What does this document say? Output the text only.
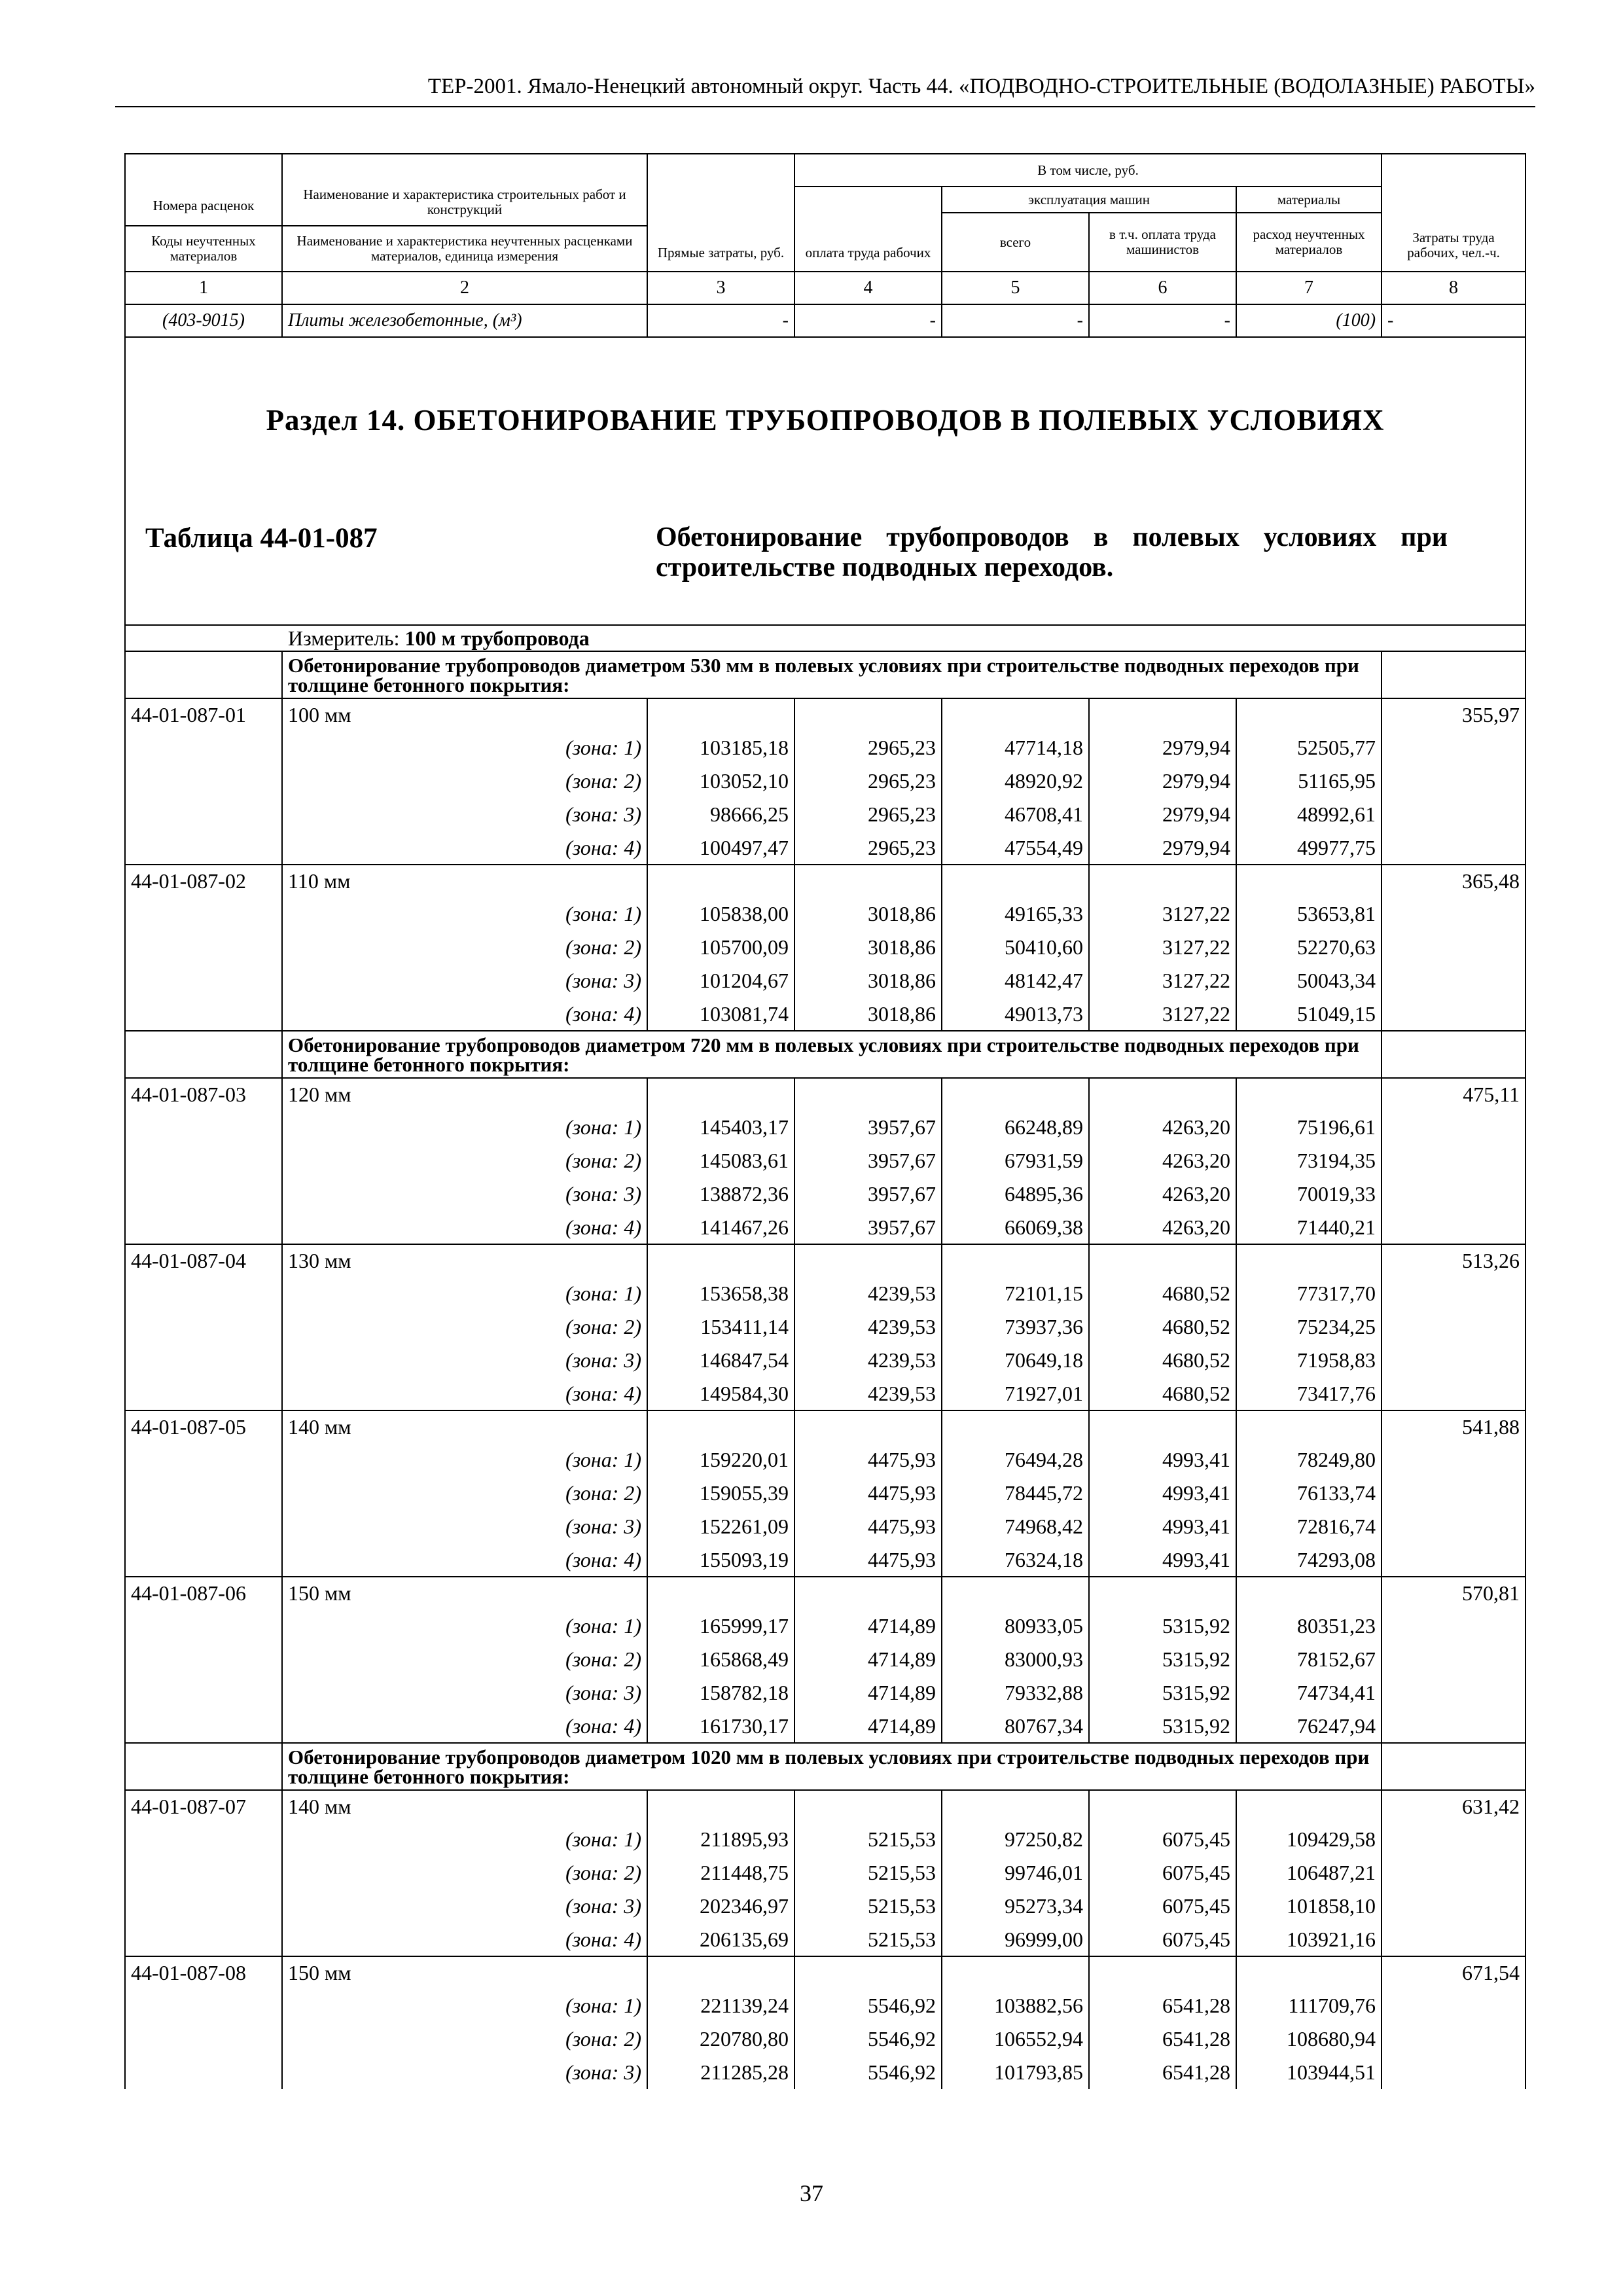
ТЕР-2001. Ямало-Ненецкий автономный округ. Часть 44. «ПОДВОДНО-СТРОИТЕЛЬНЫЕ (ВОДОЛАЗНЫЕ) РАБОТЫ»
Номера расценок	Наименование и характеристика строительных работ и конструкций	Прямые затраты, руб.	В том числе, руб.				Затраты труда рабочих, чел.-ч.
			оплата труда рабочих	эксплуатация машин		материалы	
				всего	в т.ч. оплата труда машинистов	расход неучтенных материалов	
Коды неучтенных материалов	Наименование и характеристика неучтенных расценками материалов, единица измерения						
1	2	3	4	5	6	7	8
(403-9015)	Плиты железобетонные, (м³)	-	-	-	-	(100)	-

Раздел 14. ОБЕТОНИРОВАНИЕ ТРУБОПРОВОДОВ В ПОЛЕВЫХ УСЛОВИЯХ
Таблица 44-01-087 Обетонирование трубопроводов в полевых условиях при строительстве подводных переходов.							

Измеритель: 100 м трубопровода							
	Обетонирование трубопроводов диаметром 530 мм в полевых условиях при строительстве подводных переходов при толщине бетонного покрытия:						
44-01-087-01	100 мм						355,97
	(зона: 1)	103185,18	2965,23	47714,18	2979,94	52505,77	
	(зона: 2)	103052,10	2965,23	48920,92	2979,94	51165,95	
	(зона: 3)	98666,25	2965,23	46708,41	2979,94	48992,61	
	(зона: 4)	100497,47	2965,23	47554,49	2979,94	49977,75	
44-01-087-02	110 мм						365,48
	(зона: 1)	105838,00	3018,86	49165,33	3127,22	53653,81	
	(зона: 2)	105700,09	3018,86	50410,60	3127,22	52270,63	
	(зона: 3)	101204,67	3018,86	48142,47	3127,22	50043,34	
	(зона: 4)	103081,74	3018,86	49013,73	3127,22	51049,15	
	Обетонирование трубопроводов диаметром 720 мм в полевых условиях при строительстве подводных переходов при толщине бетонного покрытия:						
44-01-087-03	120 мм						475,11
	(зона: 1)	145403,17	3957,67	66248,89	4263,20	75196,61	
	(зона: 2)	145083,61	3957,67	67931,59	4263,20	73194,35	
	(зона: 3)	138872,36	3957,67	64895,36	4263,20	70019,33	
	(зона: 4)	141467,26	3957,67	66069,38	4263,20	71440,21	
44-01-087-04	130 мм						513,26
	(зона: 1)	153658,38	4239,53	72101,15	4680,52	77317,70	
	(зона: 2)	153411,14	4239,53	73937,36	4680,52	75234,25	
	(зона: 3)	146847,54	4239,53	70649,18	4680,52	71958,83	
	(зона: 4)	149584,30	4239,53	71927,01	4680,52	73417,76	
44-01-087-05	140 мм						541,88
	(зона: 1)	159220,01	4475,93	76494,28	4993,41	78249,80	
	(зона: 2)	159055,39	4475,93	78445,72	4993,41	76133,74	
	(зона: 3)	152261,09	4475,93	74968,42	4993,41	72816,74	
	(зона: 4)	155093,19	4475,93	76324,18	4993,41	74293,08	
44-01-087-06	150 мм						570,81
	(зона: 1)	165999,17	4714,89	80933,05	5315,92	80351,23	
	(зона: 2)	165868,49	4714,89	83000,93	5315,92	78152,67	
	(зона: 3)	158782,18	4714,89	79332,88	5315,92	74734,41	
	(зона: 4)	161730,17	4714,89	80767,34	5315,92	76247,94	
	Обетонирование трубопроводов диаметром 1020 мм в полевых условиях при строительстве подводных переходов при толщине бетонного покрытия:						
44-01-087-07	140 мм						631,42
	(зона: 1)	211895,93	5215,53	97250,82	6075,45	109429,58	
	(зона: 2)	211448,75	5215,53	99746,01	6075,45	106487,21	
	(зона: 3)	202346,97	5215,53	95273,34	6075,45	101858,10	
	(зона: 4)	206135,69	5215,53	96999,00	6075,45	103921,16	
44-01-087-08	150 мм						671,54
	(зона: 1)	221139,24	5546,92	103882,56	6541,28	111709,76	
	(зона: 2)	220780,80	5546,92	106552,94	6541,28	108680,94	
	(зона: 3)	211285,28	5546,92	101793,85	6541,28	103944,51	
37
